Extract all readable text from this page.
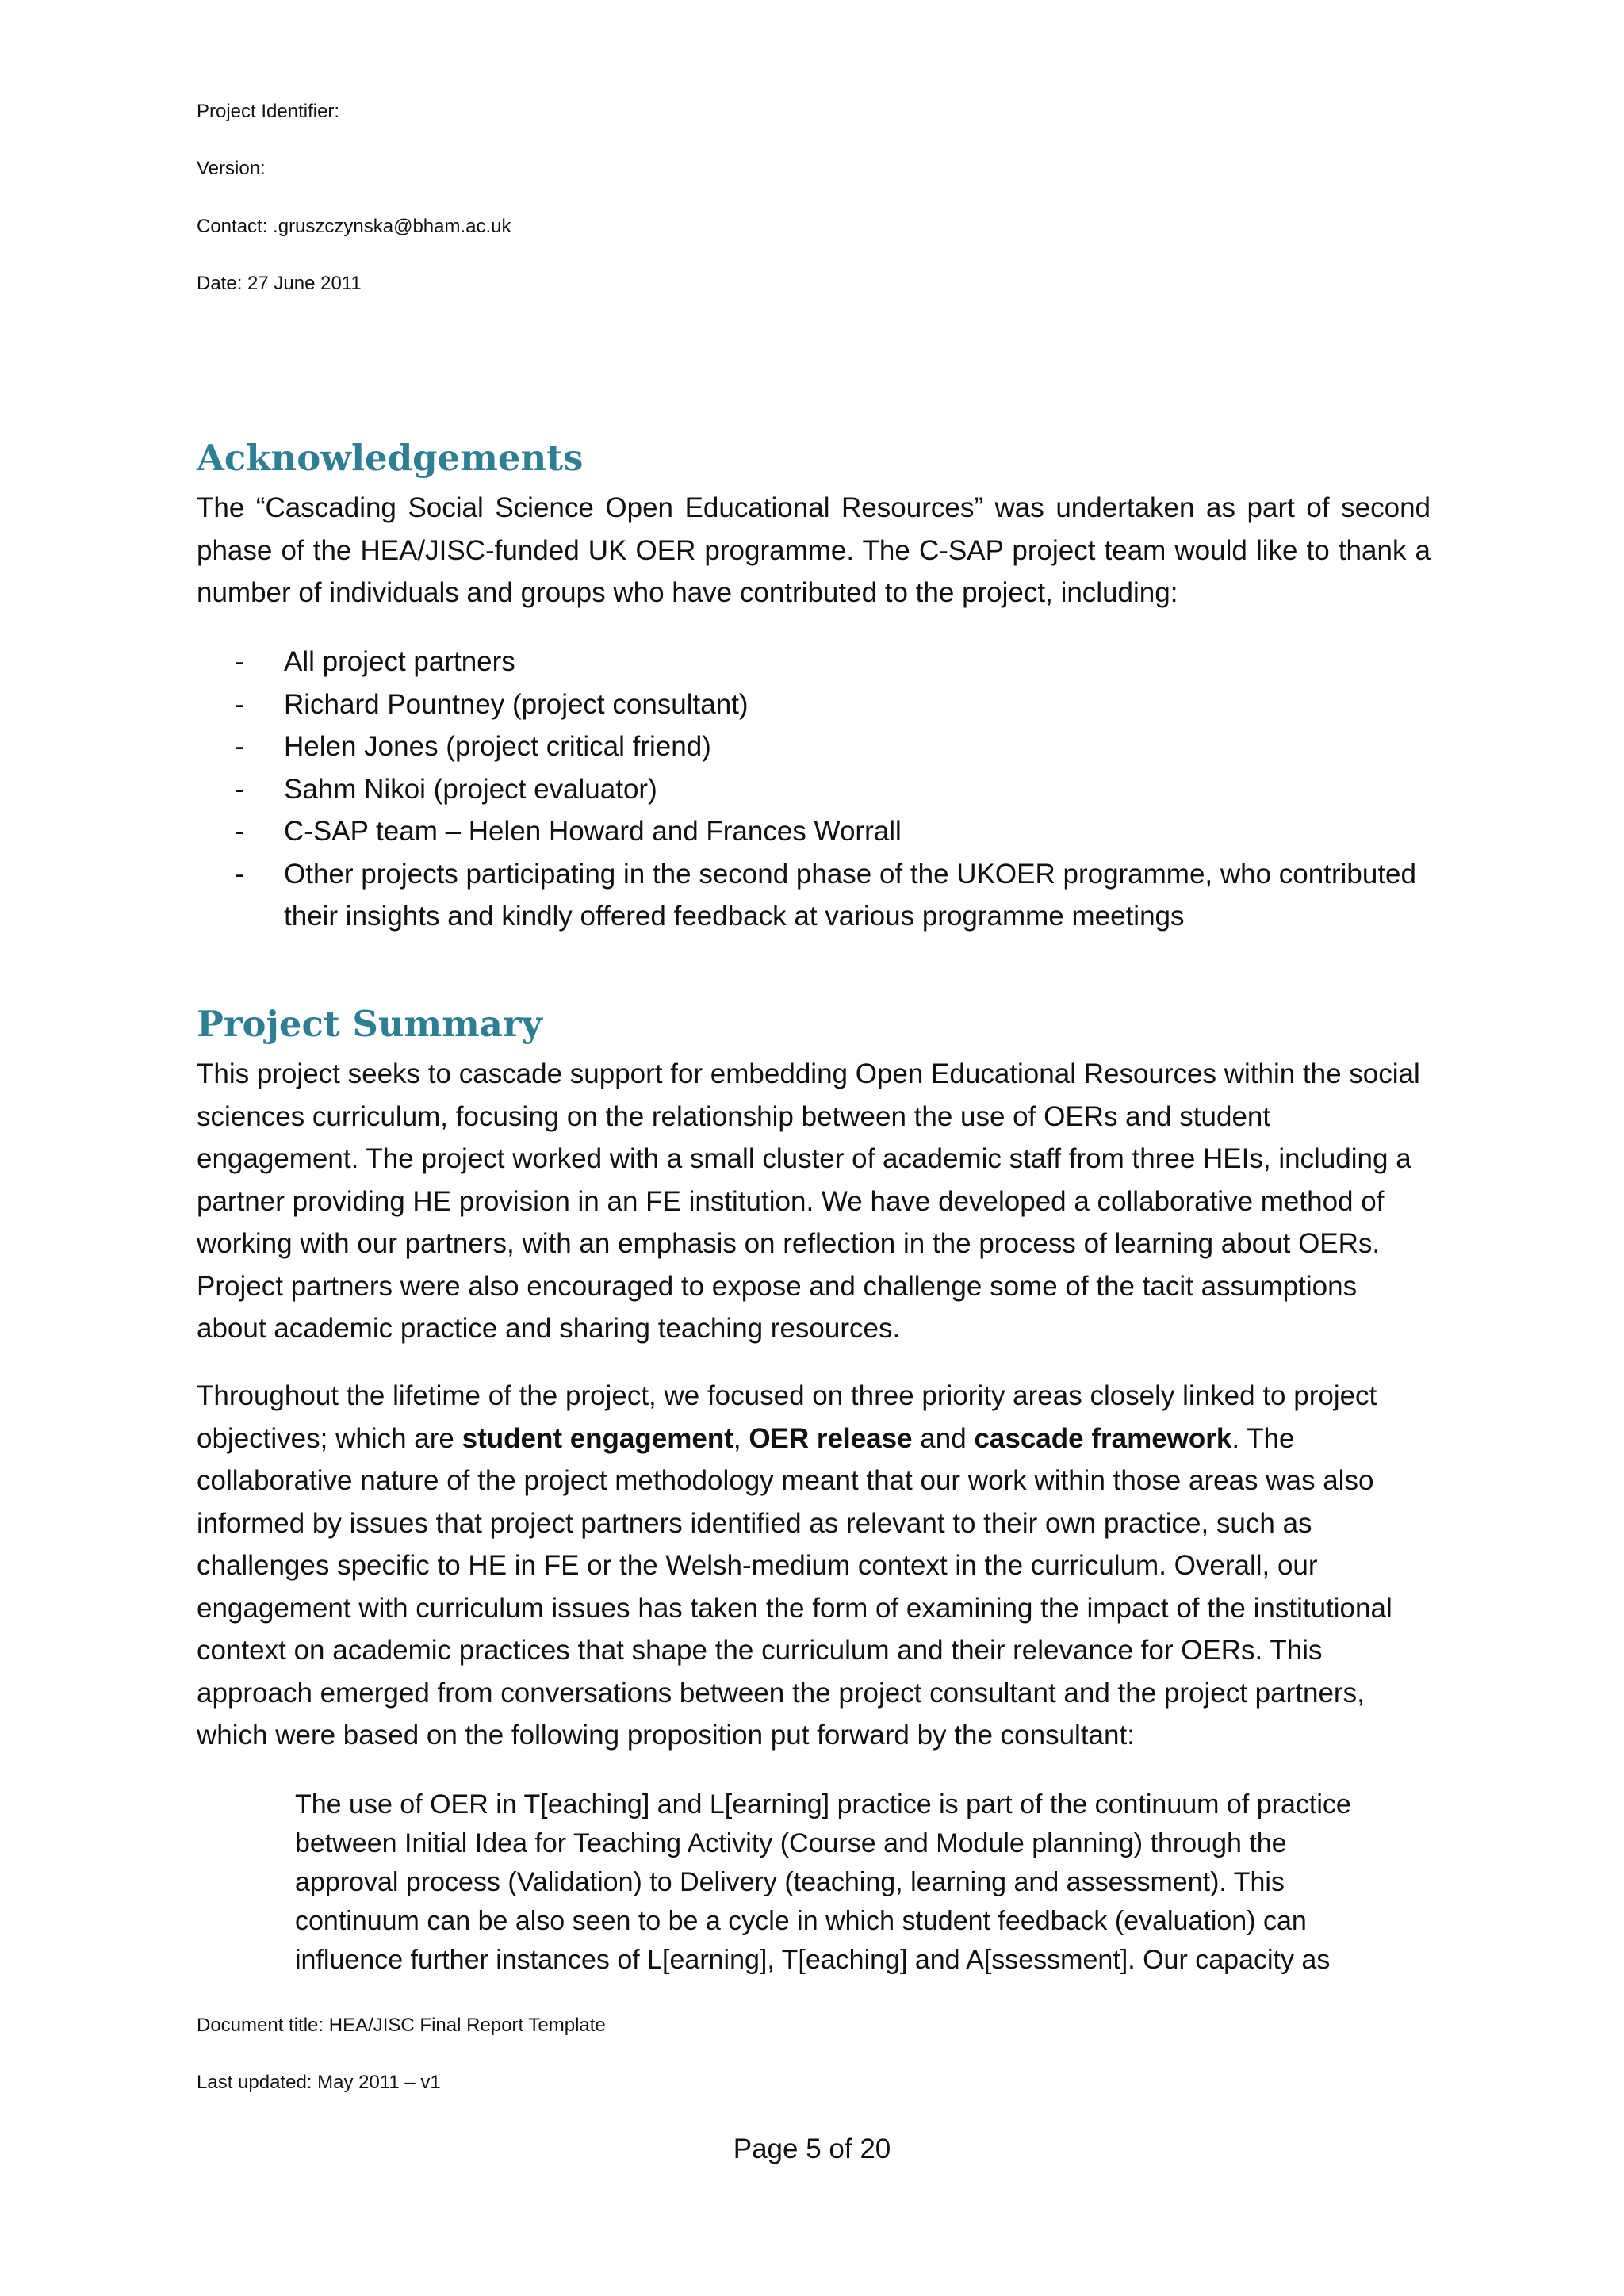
Project Identifier:
Version:
Contact: .gruszczynska@bham.ac.uk
Date: 27 June 2011
Acknowledgements

The “Cascading Social Science Open Educational Resources” was undertaken as part of second phase of the HEA/JISC-funded UK OER programme. The C-SAP project team would like to thank a number of individuals and groups who have contributed to the project, including:

- All project partners
- Richard Pountney (project consultant)
- Helen Jones (project critical friend)
- Sahm Nikoi (project evaluator)
- C-SAP team – Helen Howard and Frances Worrall
- Other projects participating in the second phase of the UKOER programme, who contributed their insights and kindly offered feedback at various programme meetings
Project Summary

This project seeks to cascade support for embedding Open Educational Resources within the social sciences curriculum, focusing on the relationship between the use of OERs and student engagement. The project worked with a small cluster of academic staff from three HEIs, including a partner providing HE provision in an FE institution. We have developed a collaborative method of working with our partners, with an emphasis on reflection in the process of learning about OERs. Project partners were also encouraged to expose and challenge some of the tacit assumptions about academic practice and sharing teaching resources.

Throughout the lifetime of the project, we focused on three priority areas closely linked to project objectives; which are student engagement, OER release and cascade framework. The collaborative nature of the project methodology meant that our work within those areas was also informed by issues that project partners identified as relevant to their own practice, such as challenges specific to HE in FE or the Welsh-medium context in the curriculum. Overall, our engagement with curriculum issues has taken the form of examining the impact of the institutional context on academic practices that shape the curriculum and their relevance for OERs. This approach emerged from conversations between the project consultant and the project partners, which were based on the following proposition put forward by the consultant:

The use of OER in T[eaching] and L[earning] practice is part of the continuum of practice between Initial Idea for Teaching Activity (Course and Module planning) through the approval process (Validation) to Delivery (teaching, learning and assessment). This continuum can be also seen to be a cycle in which student feedback (evaluation) can influence further instances of L[earning], T[eaching] and A[ssessment]. Our capacity as

Document title: HEA/JISC Final Report Template
Last updated: May 2011 – v1
Page 5 of 20
